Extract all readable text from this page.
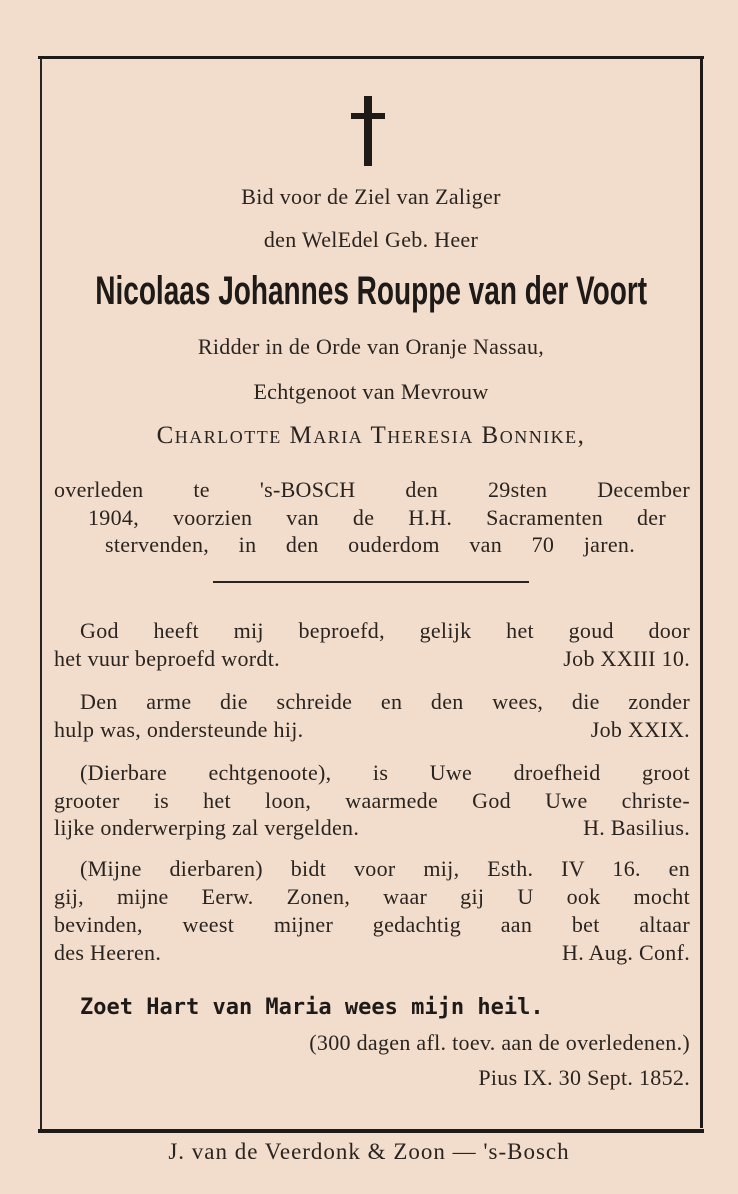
Bid voor de Ziel van Zaliger
den WelEdel Geb. Heer
Nicolaas Johannes Rouppe van der Voort
Ridder in de Orde van Oranje Nassau,
Echtgenoot van Mevrouw
Charlotte Maria Theresia Bonnike,
overleden te 's-BOSCH den 29sten December
1904, voorzien van de H.H. Sacramenten der
stervenden, in den ouderdom van 70 jaren.
God heeft mij beproefd, gelijk het goud door
het vuur beproefd wordt.	Job XXIII 10.
Den arme die schreide en den wees, die zonder
hulp was, ondersteunde hij.	Job XXIX.
(Dierbare echtgenoote), is Uwe droefheid groot
grooter is het loon, waarmede God Uwe christe-
lijke onderwerping zal vergelden.	H. Basilius.
(Mijne dierbaren) bidt voor mij, Esth. IV 16. en
gij, mijne Eerw. Zonen, waar gij U ook mocht
bevinden, weest mijner gedachtig aan bet altaar
des Heeren.	H. Aug. Conf.
Zoet Hart van Maria wees mijn heil.
(300 dagen afl. toev. aan de overledenen.)
Pius IX. 30 Sept. 1852.
J. van de Veerdonk & Zoon — 's-Bosch
